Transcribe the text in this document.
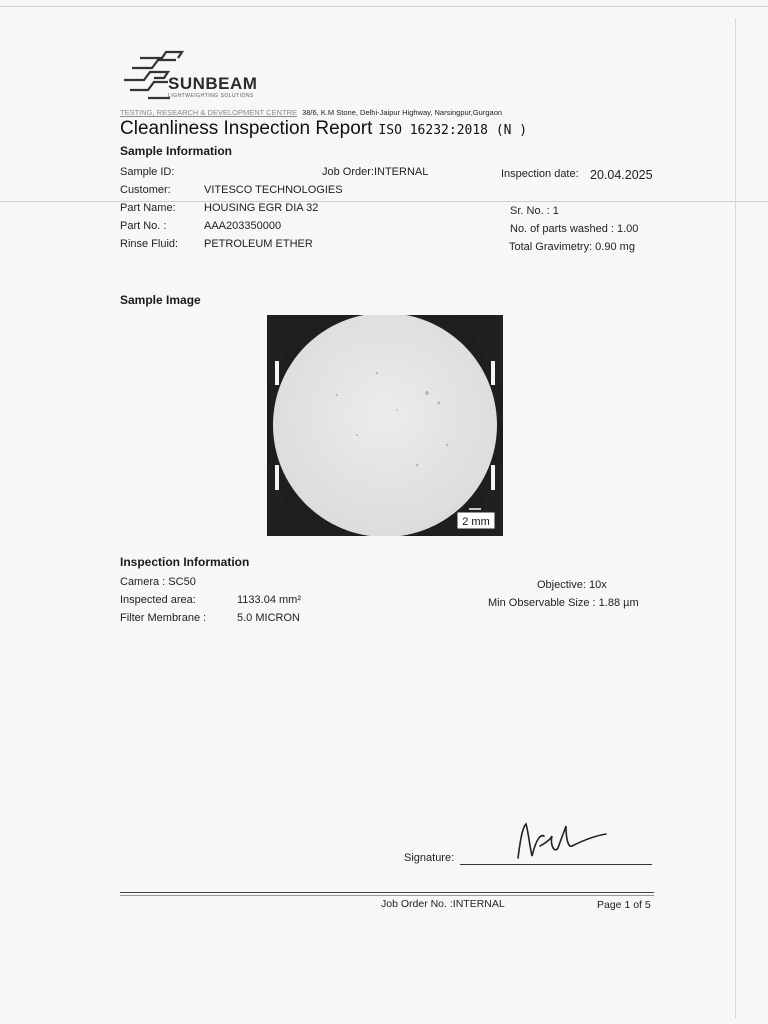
SUNBEAM
LIGHTWEIGHTING SOLUTIONS
TESTING, RESEARCH & DEVELOPMENT CENTRE 38/6, K.M Stone, Delhi-Jaipur Highway, Narsingpur,Gurgaon
Cleanliness Inspection Report ISO 16232:2018 (N )
Sample Information
Sample ID:	Job Order:INTERNAL	Inspection date: 20.04.2025
Customer:	VITESCO TECHNOLOGIES
Part Name:	HOUSING EGR DIA 32	Sr. No. : 1
Part No. :	AAA203350000	No. of parts washed : 1.00
Rinse Fluid: PETROLEUM ETHER	Total Gravimetry: 0.90 mg
Sample Image
2 mm
Inspection Information
Camera : SC50	Objective: 10x
Inspected area:	1133.04 mm²	Min Observable Size : 1.88 µm
Filter Membrane :	5.0 MICRON
Signature:
Job Order No. :INTERNAL	Page 1 of 5
